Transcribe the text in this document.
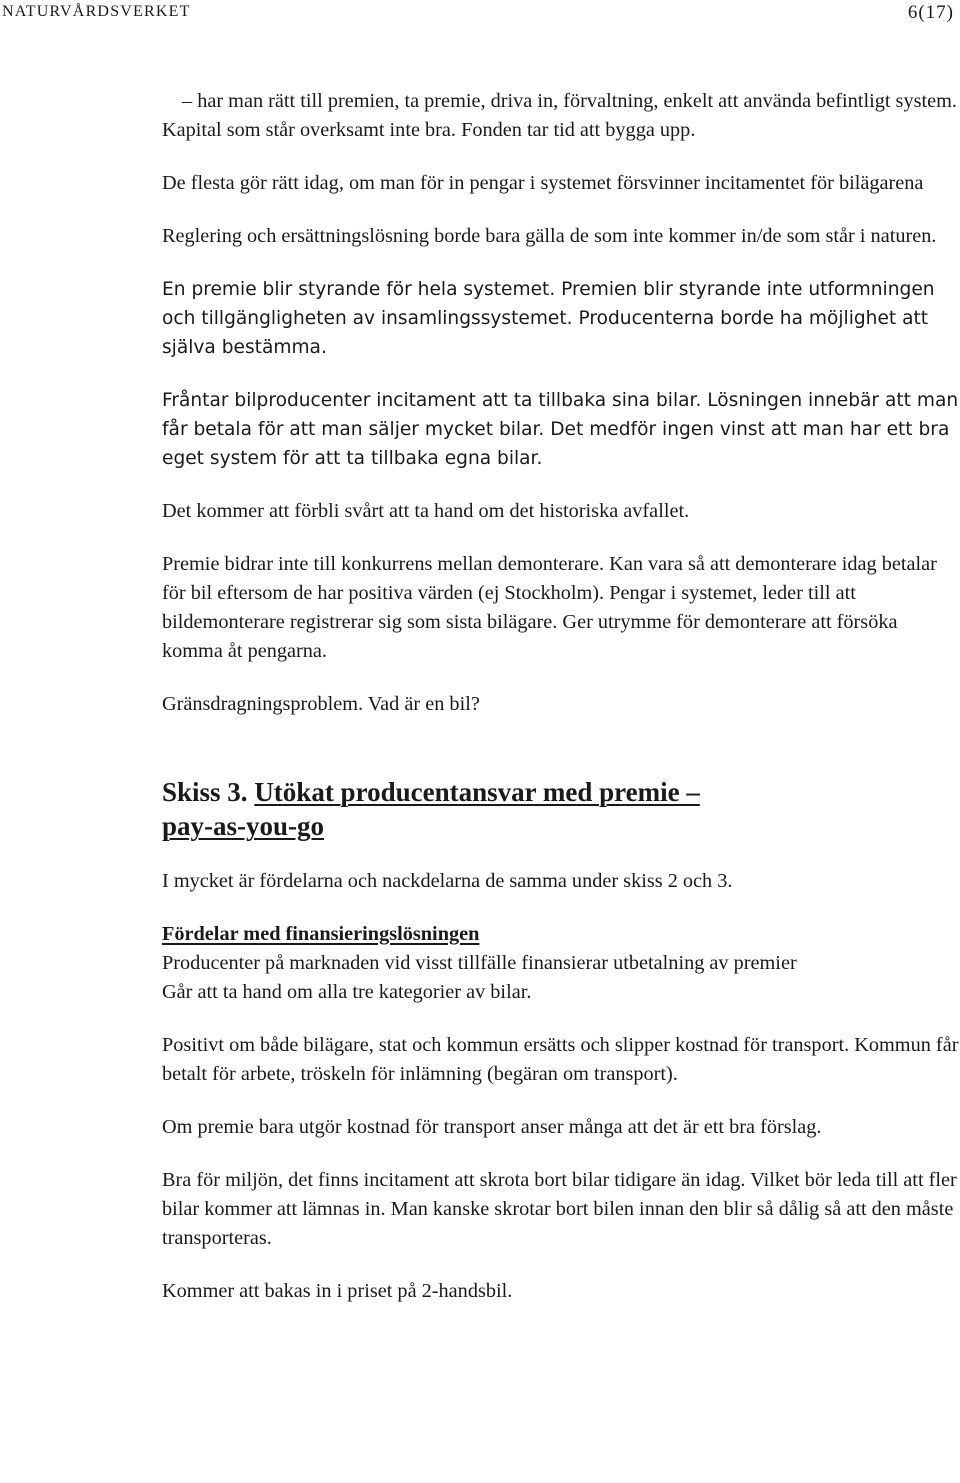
NATURVÅRDSVERKET	6(17)

– har man rätt till premien, ta premie, driva in, förvaltning, enkelt att använda befintligt system. Kapital som står overksamt inte bra. Fonden tar tid att bygga upp.

De flesta gör rätt idag, om man för in pengar i systemet försvinner incitamentet för bilägarena

Reglering och ersättningslösning borde bara gälla de som inte kommer in/de som står i naturen.

En premie blir styrande för hela systemet. Premien blir styrande inte utformningen och tillgängligheten av insamlingssystemet. Producenterna borde ha möjlighet att själva bestämma.

Fråntar bilproducenter incitament att ta tillbaka sina bilar. Lösningen innebär att man får betala för att man säljer mycket bilar. Det medför ingen vinst att man har ett bra eget system för att ta tillbaka egna bilar.

Det kommer att förbli svårt att ta hand om det historiska avfallet.

Premie bidrar inte till konkurrens mellan demonterare. Kan vara så att demonterare idag betalar för bil eftersom de har positiva värden (ej Stockholm). Pengar i systemet, leder till att bildemonterare registrerar sig som sista bilägare. Ger utrymme för demonterare att försöka komma åt pengarna.

Gränsdragningsproblem. Vad är en bil?

Skiss 3. Utökat producentansvar med premie –
pay-as-you-go

I mycket är fördelarna och nackdelarna de samma under skiss 2 och 3.

Fördelar med finansieringslösningen

Producenter på marknaden vid visst tillfälle finansierar utbetalning av premier

Går att ta hand om alla tre kategorier av bilar.

Positivt om både bilägare, stat och kommun ersätts och slipper kostnad för transport. Kommun får betalt för arbete, tröskeln för inlämning (begäran om transport).

Om premie bara utgör kostnad för transport anser många att det är ett bra förslag.

Bra för miljön, det finns incitament att skrota bort bilar tidigare än idag. Vilket bör leda till att fler bilar kommer att lämnas in. Man kanske skrotar bort bilen innan den blir så dålig så att den måste transporteras.

Kommer att bakas in i priset på 2-handsbil.
